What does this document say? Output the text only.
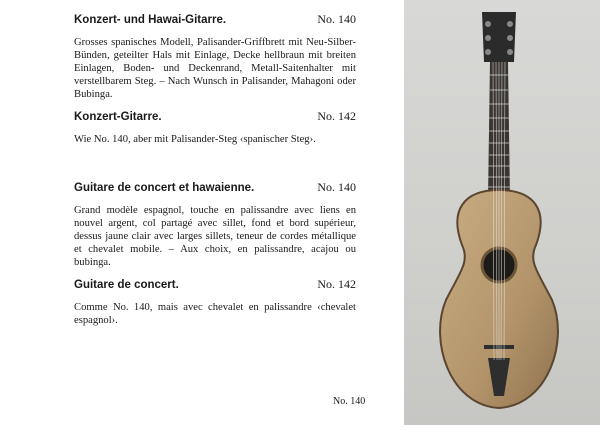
Konzert- und Hawai-Gitarre.	No. 140

Grosses spanisches Modell, Palisander-Griffbrett mit Neu-Silber-Bünden, geteilter Hals mit Einlage, Decke hellbraun mit breiten Einlagen, Boden- und Deckenrand, Metall-Saitenhalter mit verstellbarem Steg. – Nach Wunsch in Palisander, Mahagoni oder Bubinga.

Konzert-Gitarre.	No. 142

Wie No. 140, aber mit Palisander-Steg ‹spanischer Steg›.

Guitare de concert et hawaienne.	No. 140

Grand modèle espagnol, touche en palissandre avec liens en nouvel argent, col partagé avec sillet, fond et bord supérieur, dessus jaune clair avec larges sillets, teneur de cordes métallique et chevalet mobile. – Aux choix, en palissandre, acajou ou bubinga.

Guitare de concert.	No. 142

Comme No. 140, mais avec chevalet en palissandre ‹chevalet espagnol›.

No. 140
